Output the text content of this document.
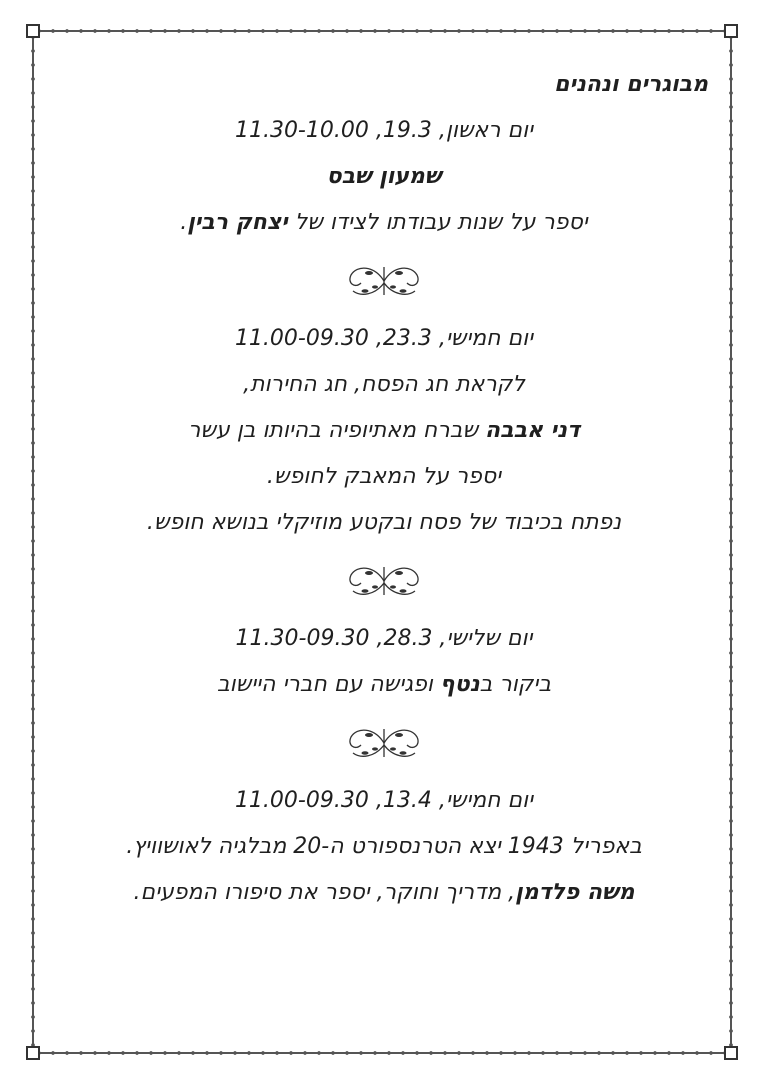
מבוגרים ונהנים

יום ראשון, 19.3, 11.30-10.00

שמעון שבס

יספר על שנות עבודתו לצידו של יצחק רבין.

יום חמישי, 23.3, 11.00-09.30

לקראת חג הפסח, חג החירות,

דני אבבה שברח מאתיופיה בהיותו בן עשר

יספר על המאבק לחופש.

נפתח בכיבוד של פסח ובקטע מוזיקלי בנושא חופש.

יום שלישי, 28.3, 11.30-09.30

ביקור בנטף ופגישה עם חברי היישוב

יום חמישי, 13.4, 11.00-09.30

באפריל 1943 יצא הטרנספורט ה-20 מבלגיה לאושוויץ.

משה פלדמן, מדריך וחוקר, יספר את סיפורו המפעים.
